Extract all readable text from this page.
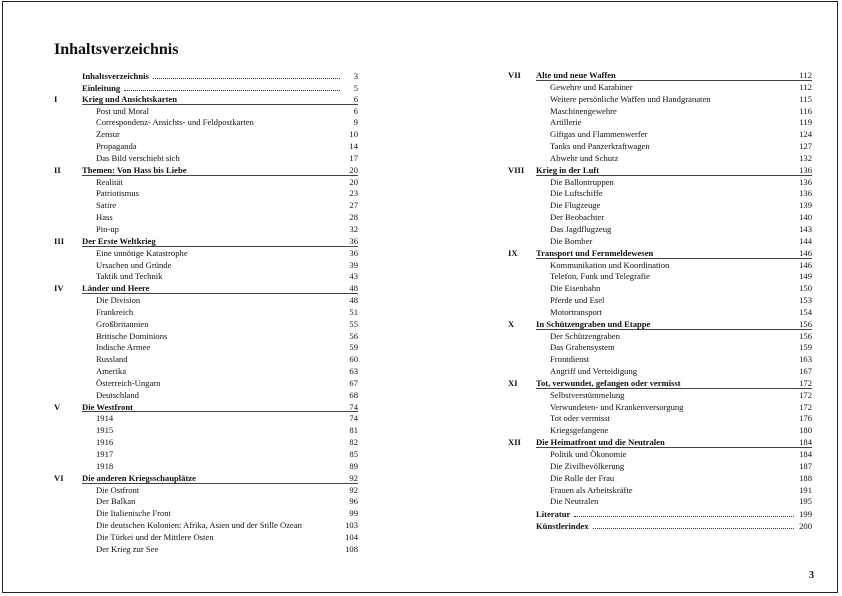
Inhaltsverzeichnis
Inhaltsverzeichnis	3
Einleitung	5
I	Krieg und Ansichtskarten	6
Post und Moral	6
Correspondenz- Ansichts- und Feldpostkarten	9
Zensur	10
Propaganda	14
Das Bild verschiebt sich	17
II	Themen: Von Hass bis Liebe	20
Realität	20
Patriotismus	23
Satire	27
Hass	28
Pin-up	32
III	Der Erste Weltkrieg	36
Eine unnötige Katastrophe	36
Ursachen und Gründe	39
Taktik und Technik	43
IV	Länder und Heere	48
Die Division	48
Frankreich	51
Großbritannien	55
Britische Dominions	56
Indische Armee	59
Russland	60
Amerika	63
Österreich-Ungarn	67
Deutschland	68
V	Die Westfront	74
1914	74
1915	81
1916	82
1917	85
1918	89
VI	Die anderen Kriegsschauplätze	92
Die Ostfront	92
Der Balkan	96
Die Italienische Front	99
Die deutschen Kolonien: Afrika, Asien und der Stille Ozean	103
Die Türkei und der Mittlere Osten	104
Der Krieg zur See	108
VII	Alte und neue Waffen	112
Gewehre und Karabiner	112
Weitere persönliche Waffen und Handgranaten	115
Maschinengewehre	116
Artillerie	119
Giftgas und Flammenwerfer	124
Tanks und Panzerkraftwagen	127
Abwehr und Schutz	132
VIII	Krieg in der Luft	136
Die Ballontruppen	136
Die Luftschiffe	136
Die Flugzeuge	139
Der Beobachter	140
Das Jagdflugzeug	143
Die Bomber	144
IX	Transport und Fernmeldewesen	146
Kommunikation und Koordination	146
Telefon, Funk und Telegrafie	149
Die Eisenbahn	150
Pferde und Esel	153
Motortransport	154
X	In Schützengraben und Etappe	156
Der Schützengraben	156
Das Grabensystem	159
Frontdienst	163
Angriff und Verteidigung	167
XI	Tot, verwundet, gefangen oder vermisst	172
Selbstverstümmelung	172
Verwundeten- und Krankenversorgung	172
Tot oder vermisst	176
Kriegsgefangene	180
XII	Die Heimatfront und die Neutralen	184
Politik und Ökonomie	184
Die Zivilbevölkerung	187
Die Rolle der Frau	188
Frauen als Arbeitskräfte	191
Die Neutralen	195
Literatur	199
Künstlerindex	200
3
